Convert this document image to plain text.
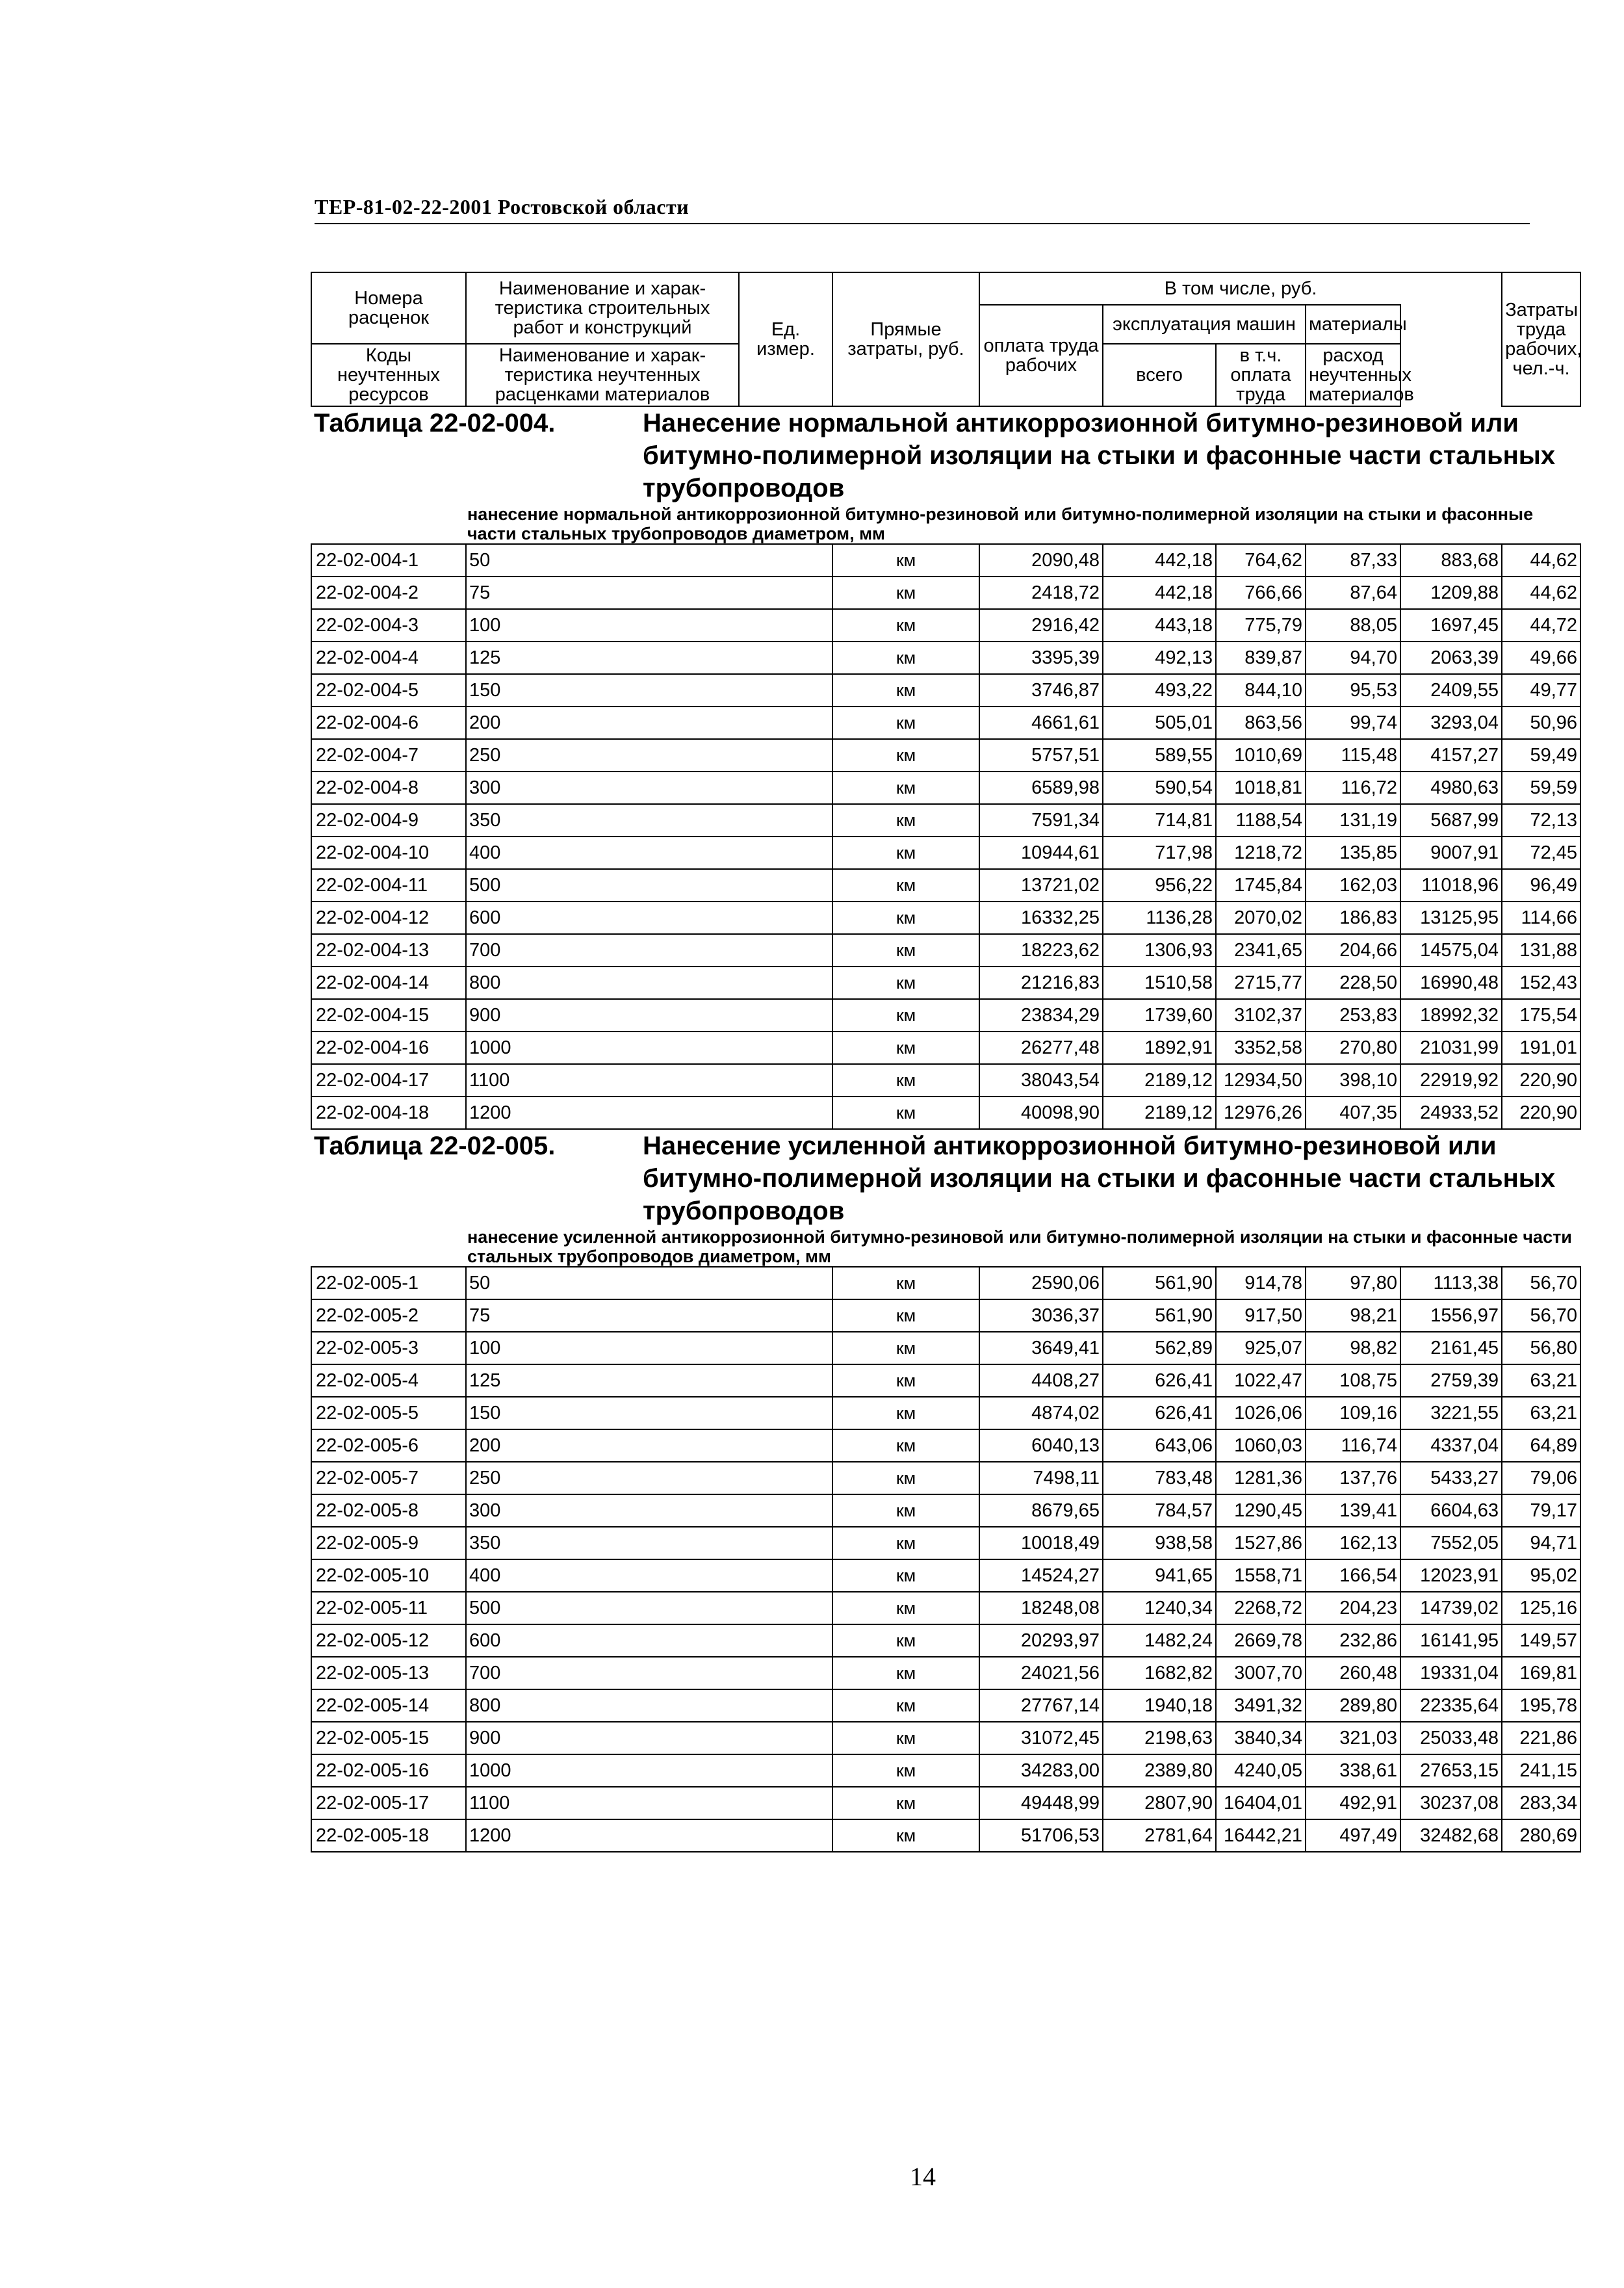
ТЕР-81-02-22-2001 Ростовской области
Номера расценок	Наименование и харак-теристика строительных работ и конструкций	Ед. измер.	Прямые затраты, руб.	В том числе, руб.					Затраты труда рабочих, чел.-ч.
				оплата труда рабочих	эксплуатация машин		материалы		
Коды неучтенных ресурсов	Наименование и харак-теристика неучтенных расценками материалов				всего	в т.ч. оплата труда	расход неучтенных материалов		

Таблица 22-02-004. Нанесение нормальной антикоррозионной битумно-резиновой или битумно-полимерной изоляции на стыки и фасонные части стальных трубопроводов									

нанесение нормальной антикоррозионной битумно-резиновой или битумно-полимерной изоляции на стыки и фасонные части стальных трубопроводов диаметром, мм									

22-02-004-1	50		км	2090,48	442,18	764,62	87,33	883,68	44,62
22-02-004-2	75		км	2418,72	442,18	766,66	87,64	1209,88	44,62
22-02-004-3	100		км	2916,42	443,18	775,79	88,05	1697,45	44,72
22-02-004-4	125		км	3395,39	492,13	839,87	94,70	2063,39	49,66
22-02-004-5	150		км	3746,87	493,22	844,10	95,53	2409,55	49,77
22-02-004-6	200		км	4661,61	505,01	863,56	99,74	3293,04	50,96
22-02-004-7	250		км	5757,51	589,55	1010,69	115,48	4157,27	59,49
22-02-004-8	300		км	6589,98	590,54	1018,81	116,72	4980,63	59,59
22-02-004-9	350		км	7591,34	714,81	1188,54	131,19	5687,99	72,13
22-02-004-10	400		км	10944,61	717,98	1218,72	135,85	9007,91	72,45
22-02-004-11	500		км	13721,02	956,22	1745,84	162,03	11018,96	96,49
22-02-004-12	600		км	16332,25	1136,28	2070,02	186,83	13125,95	114,66
22-02-004-13	700		км	18223,62	1306,93	2341,65	204,66	14575,04	131,88
22-02-004-14	800		км	21216,83	1510,58	2715,77	228,50	16990,48	152,43
22-02-004-15	900		км	23834,29	1739,60	3102,37	253,83	18992,32	175,54
22-02-004-16	1000		км	26277,48	1892,91	3352,58	270,80	21031,99	191,01
22-02-004-17	1100		км	38043,54	2189,12	12934,50	398,10	22919,92	220,90
22-02-004-18	1200		км	40098,90	2189,12	12976,26	407,35	24933,52	220,90

Таблица 22-02-005. Нанесение усиленной антикоррозионной битумно-резиновой или битумно-полимерной изоляции на стыки и фасонные части стальных трубопроводов									

нанесение усиленной антикоррозионной битумно-резиновой или битумно-полимерной изоляции на стыки и фасонные части стальных трубопроводов диаметром, мм									

22-02-005-1	50		км	2590,06	561,90	914,78	97,80	1113,38	56,70
22-02-005-2	75		км	3036,37	561,90	917,50	98,21	1556,97	56,70
22-02-005-3	100		км	3649,41	562,89	925,07	98,82	2161,45	56,80
22-02-005-4	125		км	4408,27	626,41	1022,47	108,75	2759,39	63,21
22-02-005-5	150		км	4874,02	626,41	1026,06	109,16	3221,55	63,21
22-02-005-6	200		км	6040,13	643,06	1060,03	116,74	4337,04	64,89
22-02-005-7	250		км	7498,11	783,48	1281,36	137,76	5433,27	79,06
22-02-005-8	300		км	8679,65	784,57	1290,45	139,41	6604,63	79,17
22-02-005-9	350		км	10018,49	938,58	1527,86	162,13	7552,05	94,71
22-02-005-10	400		км	14524,27	941,65	1558,71	166,54	12023,91	95,02
22-02-005-11	500		км	18248,08	1240,34	2268,72	204,23	14739,02	125,16
22-02-005-12	600		км	20293,97	1482,24	2669,78	232,86	16141,95	149,57
22-02-005-13	700		км	24021,56	1682,82	3007,70	260,48	19331,04	169,81
22-02-005-14	800		км	27767,14	1940,18	3491,32	289,80	22335,64	195,78
22-02-005-15	900		км	31072,45	2198,63	3840,34	321,03	25033,48	221,86
22-02-005-16	1000		км	34283,00	2389,80	4240,05	338,61	27653,15	241,15
22-02-005-17	1100		км	49448,99	2807,90	16404,01	492,91	30237,08	283,34
22-02-005-18	1200		км	51706,53	2781,64	16442,21	497,49	32482,68	280,69
14
